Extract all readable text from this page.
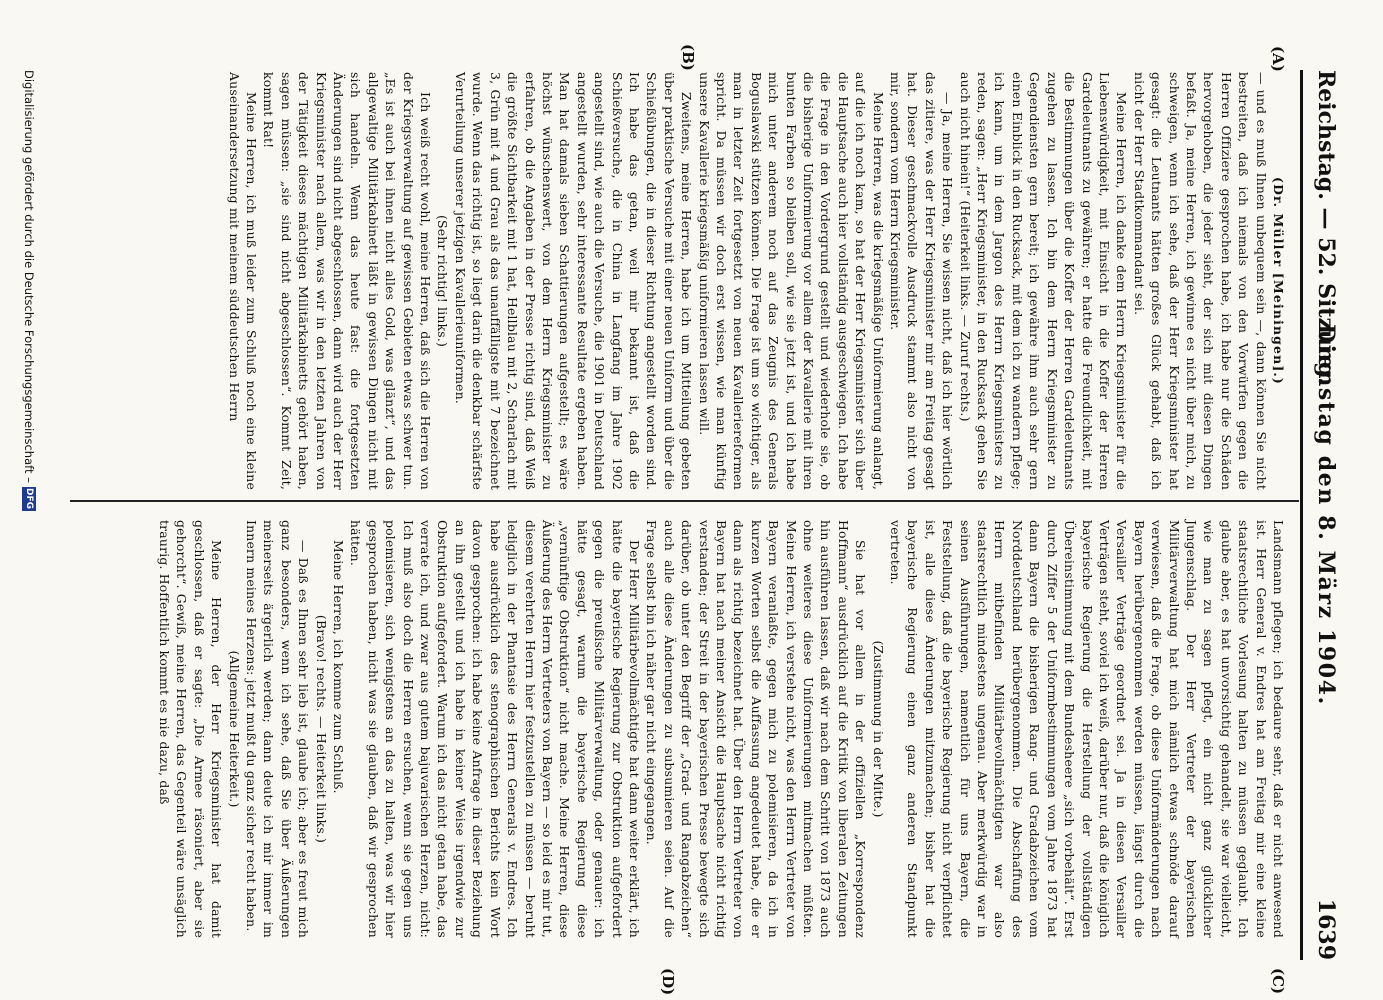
Reichstag. — 52. Sitzung.
Dienstag den 8. März 1904.
1639
(A)
(B)
(C)
(D)

(Dr. Müller [Meiningen].)

— und es muß Ihnen unbequem sein —, dann können Sie nicht bestreiten, daß ich niemals von den Vorwürfen gegen die Herren Offiziere gesprochen habe, ich habe nur die Schäden hervorgehoben, die jeder sieht, der sich mit diesen Dingen befaßt. Ja, meine Herren, ich gewinne es nicht über mich, zu schweigen, wenn ich sehe, daß der Herr Kriegsminister hat gesagt: die Leutnants hätten großes Glück gehabt, daß ich nicht der Herr Stadtkommandant sei.

Meine Herren, ich danke dem Herrn Kriegsminister für die Liebenswürdigkeit, mit Einsicht in die Koffer der Herren Gardeleutnants zu gewähren; er hatte die Freundlichkeit, mit die Bestimmungen über die Koffer der Herren Gardeleutnants zugehen zu lassen. Ich bin dem Herrn Kriegsminister zu Gegendiensten gern bereit; ich gewähre ihm auch sehr gern einen Einblick in den Rucksack, mit dem ich zu wandern pflege; ich kann, um in dem Jargon des Herrn Kriegsministers zu reden, sagen: „Herr Kriegsminister, in den Rucksack gehen Sie auch nicht hinein!“ (Heiterkeit links. — Zuruf rechts.)

— Ja, meine Herren, Sie wissen nicht, daß ich hier wörtlich das zitiere, was der Herr Kriegsminister mir am Freitag gesagt hat. Dieser geschmackvolle Ausdruck stammt also nicht von mir, sondern vom Herrn Kriegsminister.

Meine Herren, was die kriegsmäßige Uniformierung anlangt, auf die ich noch kam, so hat der Herr Kriegsminister sich über die Hauptsache auch hier vollständig ausgeschwiegen. Ich habe die Frage in den Vordergrund gestellt und wiederhole sie, ob die bisherige Uniformierung vor allem der Kavallerie mit ihren bunten Farben so bleiben soll, wie sie jetzt ist, und ich habe mich unter anderem noch auf das Zeugnis des Generals Boguslawski stützen können. Die Frage ist um so wichtiger, als man in letzter Zeit fortgesetzt von neuen Kavalleriereformen spricht. Da müssen wir doch erst wissen, wie man künftig unsere Kavallerie kriegsmäßig uniformieren lassen will.

Zweitens, meine Herren, habe ich um Mitteilung gebeten über praktische Versuche mit einer neuen Uniform und über die Schießübungen, die in dieser Richtung angestellt worden sind. Ich habe das getan, weil mir bekannt ist, daß die Schießversuche, die in China in Langfang im Jahre 1902 angestellt sind, wie auch die Versuche, die 1901 in Deutschland angestellt wurden, sehr interessante Resultate ergeben haben. Man hat damals sieben Schattierungen aufgestellt; es wäre höchst wünschenswert, von dem Herrn Kriegsminister zu erfahren, ob die Angaben in der Presse richtig sind, daß Weiß die größte Sichtbarkeit mit 1 hat, Hellblau mit 2, Scharlach mit 3, Grün mit 4 und Grau als das unauffälligste mit 7 bezeichnet wurde. Wenn das richtig ist, so liegt darin die denkbar schärfste Verurteilung unserer jetzigen Kavallerieuniformen.

(Sehr richtig! links.)

Ich weiß recht wohl, meine Herren, daß sich die Herren von der Kriegsverwaltung auf gewissen Gebieten etwas schwer tun. „Es ist auch bei ihnen nicht alles Gold, was glänzt“, und das allgewaltige Militärkabinett läßt in gewissen Dingen nicht mit sich handeln. Wenn das heute fast: die fortgesetzten Änderungen sind nicht abgeschlossen, dann wird auch der Herr Kriegsminister nach allem, was wir in den letzten Jahren von der Tätigkeit dieses mächtigen Militärkabinetts gehört haben, sagen müssen: „sie sind nicht abgeschlossen“. Kommt Zeit, kommt Rat!

Meine Herren, ich muß leider zum Schluß noch eine kleine Auseinandersetzung mit meinem süddeutschen Herrn

Landsmann pflegen; ich bedaure sehr, daß er nicht anwesend ist. Herr General v. Endres hat am Freitag mir eine kleine staatsrechtliche Vorlesung halten zu müssen geglaubt. Ich glaube aber, es hat unvorsichtig gehandelt, sie war vielleicht, wie man zu sagen pflegt, ein nicht ganz glücklicher Jungenschlag. Der Herr Vertreter der bayerischen Militärverwaltung hat mich nämlich etwas schnöde darauf verwiesen, daß die Frage, ob diese Uniformänderungen nach Bayern herübergenommen werden müssen, längst durch die Versailler Verträge geordnet sei. Ja in diesen Versailler Verträgen steht, soviel ich weiß, darüber nur, daß die königlich bayerische Regierung die Herstellung der vollständigen Übereinstimmung mit dem Bundesheere „sich vorbehält“. Erst durch Ziffer 5 der Uniformbestimmungen vom Jahre 1873 hat dann Bayern die bisherigen Rang- und Gradabzeichen vom Norddeutschland herübergenommen. Die Abschaffung des Herrn mitbefinden Militärbevollmächtigten war also staatsrechtlich mindestens ungenau. Aber merkwürdig war in seinen Ausführungen, namentlich für uns Bayern, die Feststellung, daß die bayerische Regierung nicht verpflichtet ist, alle diese Änderungen mitzumachen; bisher hat die bayerische Regierung einen ganz anderen Standpunkt vertreten.

(Zustimmung in der Mitte.)

Sie hat vor allem in der offiziellen „Korrespondenz Hoffmann“ ausdrücklich auf die Kritik von liberalen Zeitungen hin ausführen lassen, daß wir nach dem Schritt von 1873 auch ohne weiteres diese Uniformierungen mitmachen müßten. Meine Herren, ich verstehe nicht, was den Herrn Vertreter von Bayern veranlaßte, gegen mich zu polemisieren, da ich in kurzen Worten selbst die Auffassung angedeutet habe, die er dann als richtig bezeichnet hat. Über den Herrn Vertreter von Bayern hat nach meiner Ansicht die Hauptsache nicht richtig verstanden; der Streit in der bayerischen Presse bewegte sich darüber, ob unter den Begriff der „Grad- und Rangabzeichen“ auch alle diese Änderungen zu subsumieren seien. Auf die Frage selbst bin ich näher gar nicht eingegangen.

Der Herr Militärbevollmächtigte hat dann weiter erklärt, ich hätte die bayerische Regierung zur Obstruktion aufgefordert gegen die preußische Militärverwaltung, oder genauer: ich hätte gesagt, warum die bayerische Regierung diese „vernünftige Obstruktion“ nicht mache. Meine Herren, diese Äußerung des Herrn Vertreters von Bayern — so leid es mir tut, diesem verehrten Herrn hier festzustellen zu müssen — beruht lediglich in der Phantasie des Herrn Generals v. Endres. Ich habe ausdrücklich des stenographischen Berichts kein Wort davon gesprochen: ich habe keine Anfrage in dieser Beziehung an ihn gestellt und ich habe in keiner Weise irgendwie zur Obstruktion aufgefordert. Warum ich das nicht getan habe, das verrate ich, und zwar aus gutem bajuvarischen Herzen, nicht: Ich muß also doch die Herren ersuchen, wenn sie gegen uns polemisieren, sich wenigstens an das zu halten, was wir hier gesprochen haben, nicht was sie glauben, daß wir gesprochen hätten.

Meine Herren, ich komme zum Schluß.

(Bravo! rechts. — Heiterkeit links.)

— Daß es Ihnen sehr lieb ist, glaube ich; aber es freut mich ganz besonders, wenn ich sehe, daß Sie über Äußerungen meinerseits ärgerlich werden; dann deute ich mir immer im Innern meines Herzens: jetzt mußt du ganz sicher recht haben.

(Allgemeine Heiterkeit.)

Meine Herren, der Herr Kriegsminister hat damit geschlossen, daß er sagte: „Die Armee räsoniert, aber sie gehorcht“. Gewiß, meine Herren, das Gegenteil wäre unsäglich traurig. Hoffentlich kommt es nie dazu, daß

Digitalisierung gefördert durch die Deutsche Forschungsgemeinschaft – DFG
